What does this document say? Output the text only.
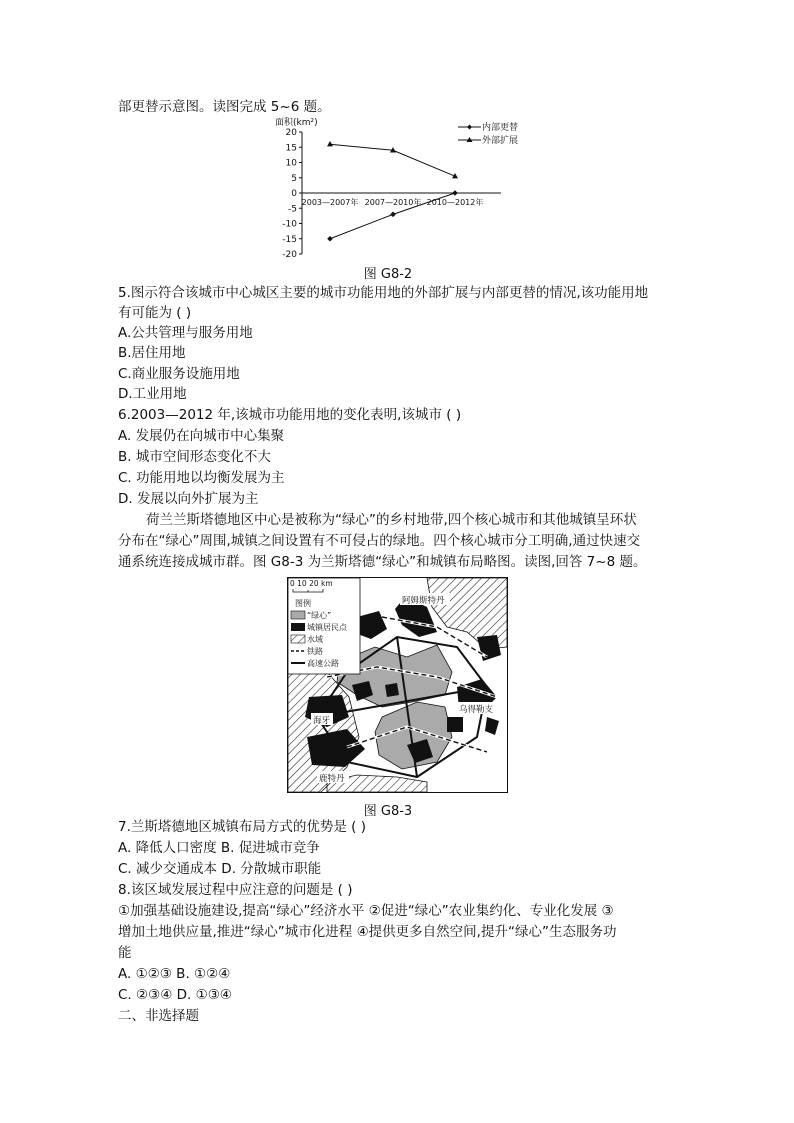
部更替示意图。读图完成 5~6 题。
面积(km²)
20
15
10
5
0
-5
-10
-15
-20
2003—2007年 2007—2010年 2010—2012年
内部更替
外部扩展
图 G8-2
5.图示符合该城市中心城区主要的城市功能用地的外部扩展与内部更替的情况,该功能用地
有可能为 ( )
A.公共管理与服务用地
B.居住用地
C.商业服务设施用地
D.工业用地
6.2003—2012 年,该城市功能用地的变化表明,该城市 ( )
A. 发展仍在向城市中心集聚
B. 城市空间形态变化不大
C. 功能用地以均衡发展为主
D. 发展以向外扩展为主
荷兰兰斯塔德地区中心是被称为“绿心”的乡村地带,四个核心城市和其他城镇呈环状
分布在“绿心”周围,城镇之间设置有不可侵占的绿地。四个核心城市分工明确,通过快速交
通系统连接成城市群。图 G8-3 为兰斯塔德“绿心”和城镇布局略图。读图,回答 7~8 题。
0 10 20 km
图例
“绿心”
城镇居民点
水域
铁路
高速公路
阿姆斯特丹
海牙
乌得勒支
鹿特丹
图 G8-3
7.兰斯塔德地区城镇布局方式的优势是 ( )
A. 降低人口密度 B. 促进城市竞争
C. 减少交通成本 D. 分散城市职能
8.该区域发展过程中应注意的问题是 ( )
①加强基础设施建设,提高“绿心”经济水平 ②促进“绿心”农业集约化、专业化发展 ③
增加土地供应量,推进“绿心”城市化进程 ④提供更多自然空间,提升“绿心”生态服务功
能
A. ①②③ B. ①②④
C. ②③④ D. ①③④
二、非选择题
